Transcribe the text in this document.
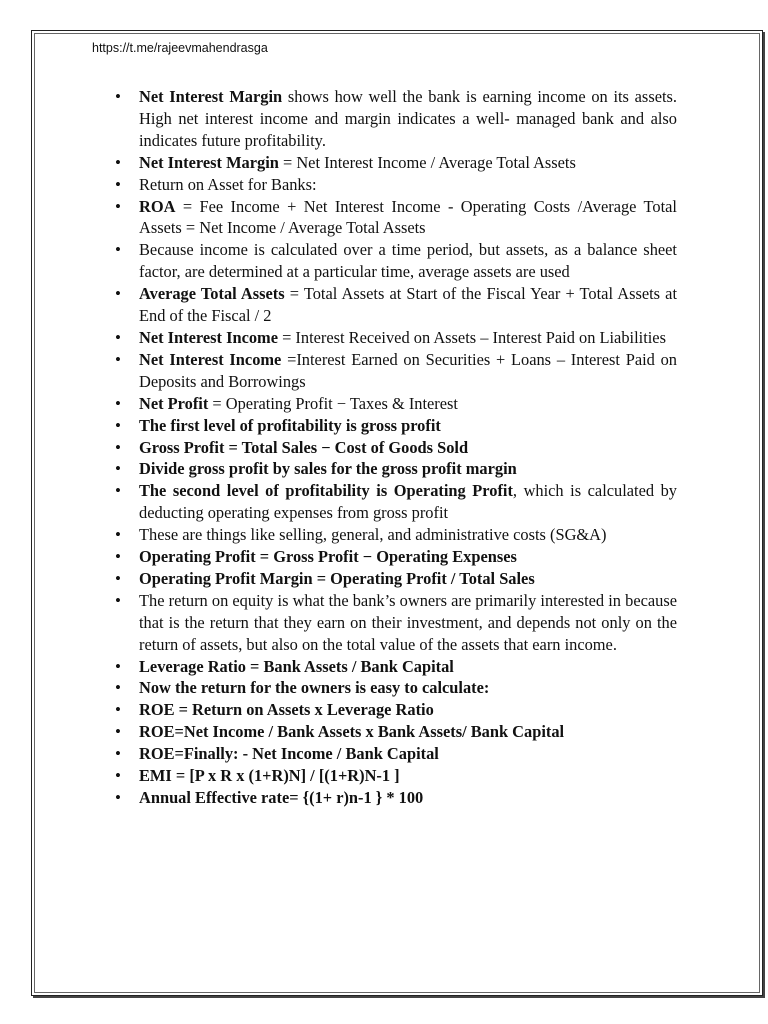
https://t.me/rajeevmahendrasga
• Net Interest Margin shows how well the bank is earning income on its assets. High net interest income and margin indicates a well- managed bank and also indicates future profitability.
• Net Interest Margin = Net Interest Income / Average Total Assets
• Return on Asset for Banks:
• ROA = Fee Income + Net Interest Income - Operating Costs /Average Total Assets = Net Income / Average Total Assets
• Because income is calculated over a time period, but assets, as a balance sheet factor, are determined at a particular time, average assets are used
• Average Total Assets = Total Assets at Start of the Fiscal Year + Total Assets at End of the Fiscal / 2
• Net Interest Income = Interest Received on Assets – Interest Paid on Liabilities
• Net Interest Income =Interest Earned on Securities + Loans – Interest Paid on Deposits and Borrowings
• Net Profit = Operating Profit − Taxes & Interest
• The first level of profitability is gross profit
• Gross Profit = Total Sales − Cost of Goods Sold
• Divide gross profit by sales for the gross profit margin
• The second level of profitability is Operating Profit, which is calculated by deducting operating expenses from gross profit
• These are things like selling, general, and administrative costs (SG&A)
• Operating Profit = Gross Profit − Operating Expenses
• Operating Profit Margin = Operating Profit / Total Sales
• The return on equity is what the bank’s owners are primarily interested in because that is the return that they earn on their investment, and depends not only on the return of assets, but also on the total value of the assets that earn income.
• Leverage Ratio = Bank Assets / Bank Capital
• Now the return for the owners is easy to calculate:
• ROE = Return on Assets x Leverage Ratio
• ROE=Net Income / Bank Assets x Bank Assets/ Bank Capital
• ROE=Finally: - Net Income / Bank Capital
• EMI = [P x R x (1+R)N] / [(1+R)N-1 ]
• Annual Effective rate= {(1+ r)n-1 } * 100
